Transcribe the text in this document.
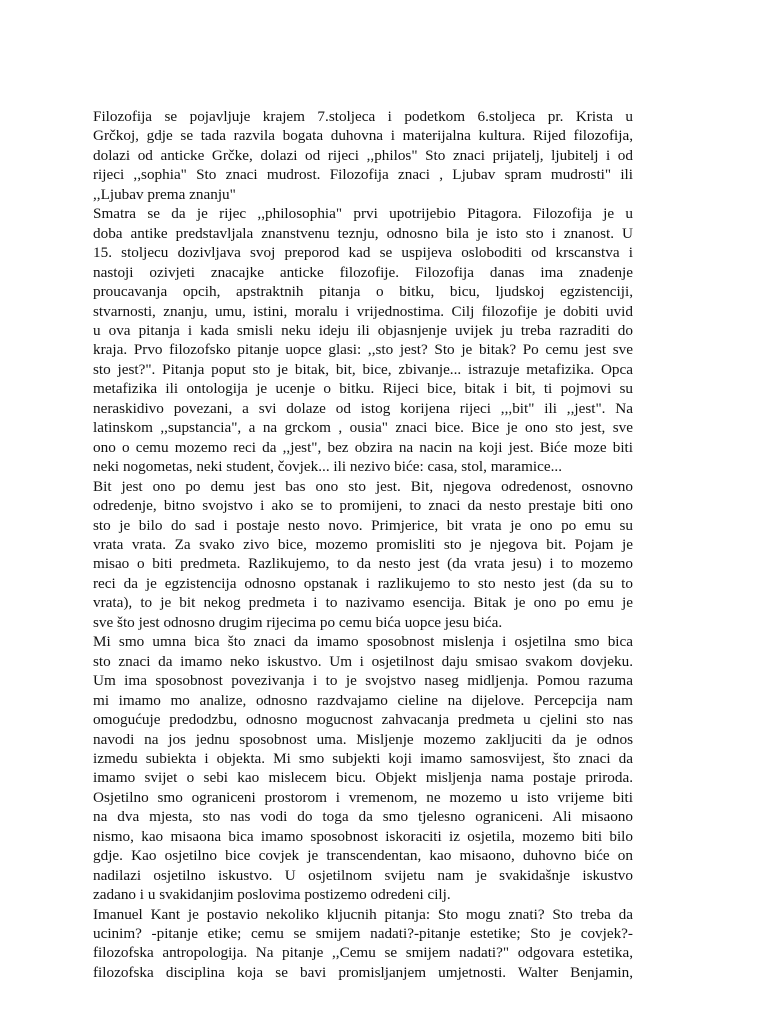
Filozofija se pojavljuje krajem 7.stoljeca i podetkom 6.stoljeca pr. Krista u
Grčkoj, gdje se tada razvila bogata duhovna i materijalna kultura. Rijed filozofija,
dolazi od anticke Grčke, dolazi od rijeci ,,philos" Sto znaci prijatelj, ljubitelj i od
rijeci ,,sophia" Sto znaci mudrost. Filozofija znaci , Ljubav spram mudrosti" ili
,,Ljubav prema znanju"
Smatra se da je rijec ,,philosophia" prvi upotrijebio Pitagora. Filozofija je u
doba antike predstavljala znanstvenu teznju, odnosno bila je isto sto i znanost. U
15. stoljecu dozivljava svoj preporod kad se uspijeva osloboditi od krscanstva i
nastoji ozivjeti znacajke anticke filozofije. Filozofija danas ima znadenje
proucavanja opcih, apstraktnih pitanja o bitku, bicu, ljudskoj egzistenciji,
stvarnosti, znanju, umu, istini, moralu i vrijednostima. Cilj filozofije je dobiti uvid
u ova pitanja i kada smisli neku ideju ili objasnjenje uvijek ju treba razraditi do
kraja. Prvo filozofsko pitanje uopce glasi: ,,sto jest? Sto je bitak? Po cemu jest sve
sto jest?". Pitanja poput sto je bitak, bit, bice, zbivanje... istrazuje metafizika. Opca
metafizika ili ontologija je ucenje o bitku. Rijeci bice, bitak i bit, ti pojmovi su
neraskidivo povezani, a svi dolaze od istog korijena rijeci ,,,bit" ili ,,jest". Na
latinskom ,,supstancia", a na grckom , ousia" znaci bice. Bice je ono sto jest, sve
ono o cemu mozemo reci da ,,jest", bez obzira na nacin na koji jest. Biće moze biti
neki nogometas, neki student, čovjek... ili nezivo biće: casa, stol, maramice...
Bit jest ono po demu jest bas ono sto jest. Bit, njegova odredenost, osnovno
odredenje, bitno svojstvo i ako se to promijeni, to znaci da nesto prestaje biti ono
sto je bilo do sad i postaje nesto novo. Primjerice, bit vrata je ono po emu su
vrata vrata. Za svako zivo bice, mozemo promisliti sto je njegova bit. Pojam je
misao o biti predmeta. Razlikujemo, to da nesto jest (da vrata jesu) i to mozemo
reci da je egzistencija odnosno opstanak i razlikujemo to sto nesto jest (da su to
vrata), to je bit nekog predmeta i to nazivamo esencija. Bitak je ono po emu je
sve što jest odnosno drugim rijecima po cemu bića uopce jesu bića.
Mi smo umna bica što znaci da imamo sposobnost mislenja i osjetilna smo bica
sto znaci da imamo neko iskustvo. Um i osjetilnost daju smisao svakom dovjeku.
Um ima sposobnost povezivanja i to je svojstvo naseg midljenja. Pomou razuma
mi imamo mo analize, odnosno razdvajamo cieline na dijelove. Percepcija nam
omogućuje predodzbu, odnosno mogucnost zahvacanja predmeta u cjelini sto nas
navodi na jos jednu sposobnost uma. Misljenje mozemo zakljuciti da je odnos
izmedu subiekta i objekta. Mi smo subjekti koji imamo samosvijest, što znaci da
imamo svijet o sebi kao mislecem bicu. Objekt misljenja nama postaje priroda.
Osjetilno smo ograniceni prostorom i vremenom, ne mozemo u isto vrijeme biti
na dva mjesta, sto nas vodi do toga da smo tjelesno ograniceni. Ali misaono
nismo, kao misaona bica imamo sposobnost iskoraciti iz osjetila, mozemo biti bilo
gdje. Kao osjetilno bice covjek je transcendentan, kao misaono, duhovno biće on
nadilazi osjetilno iskustvo. U osjetilnom svijetu nam je svakidašnje iskustvo
zadano i u svakidanjim poslovima postizemo odredeni cilj.
Imanuel Kant je postavio nekoliko kljucnih pitanja: Sto mogu znati? Sto treba da
ucinim? -pitanje etike; cemu se smijem nadati?-pitanje estetike; Sto je covjek?-
filozofska antropologija. Na pitanje ,,Cemu se smijem nadati?" odgovara estetika,
filozofska disciplina koja se bavi promisljanjem umjetnosti. Walter Benjamin,
